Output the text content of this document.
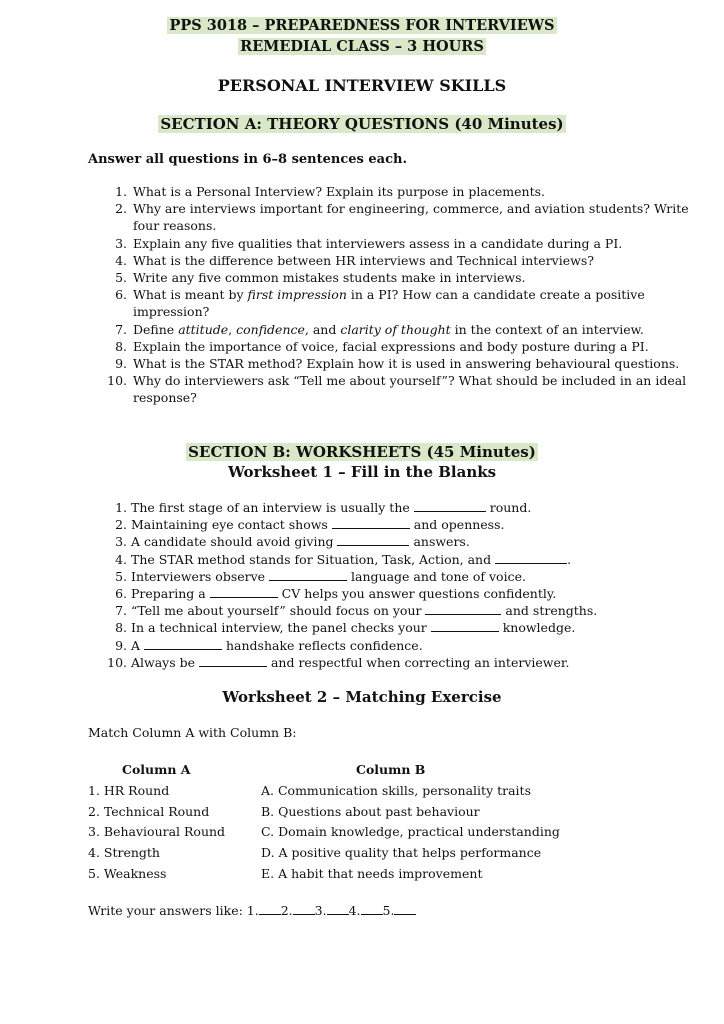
PPS 3018 – PREPAREDNESS FOR INTERVIEWS
REMEDIAL CLASS – 3 HOURS
PERSONAL INTERVIEW SKILLS
SECTION A: THEORY QUESTIONS (40 Minutes)
Answer all questions in 6–8 sentences each.
1. What is a Personal Interview? Explain its purpose in placements.
2. Why are interviews important for engineering, commerce, and aviation students? Write four reasons.
3. Explain any five qualities that interviewers assess in a candidate during a PI.
4. What is the difference between HR interviews and Technical interviews?
5. Write any five common mistakes students make in interviews.
6. What is meant by first impression in a PI? How can a candidate create a positive impression?
7. Define attitude, confidence, and clarity of thought in the context of an interview.
8. Explain the importance of voice, facial expressions and body posture during a PI.
9. What is the STAR method? Explain how it is used in answering behavioural questions.
10. Why do interviewers ask “Tell me about yourself”? What should be included in an ideal response?
SECTION B: WORKSHEETS (45 Minutes)
Worksheet 1 – Fill in the Blanks
1. The first stage of an interview is usually the	round.
2. Maintaining eye contact shows	and openness.
3. A candidate should avoid giving	answers.
4. The STAR method stands for Situation, Task, Action, and	.
5. Interviewers observe	language and tone of voice.
6. Preparing a	CV helps you answer questions confidently.
7. “Tell me about yourself” should focus on your	and strengths.
8. In a technical interview, the panel checks your	knowledge.
9. A	handshake reflects confidence.
10. Always be	and respectful when correcting an interviewer.
Worksheet 2 – Matching Exercise
Match Column A with Column B:
Column A	Column B
1. HR Round	A. Communication skills, personality traits
2. Technical Round	B. Questions about past behaviour
3. Behavioural Round	C. Domain knowledge, practical understanding
4. Strength	D. A positive quality that helps performance
5. Weakness	E. A habit that needs improvement
Write your answers like: 1. 2. 3. 4. 5.
